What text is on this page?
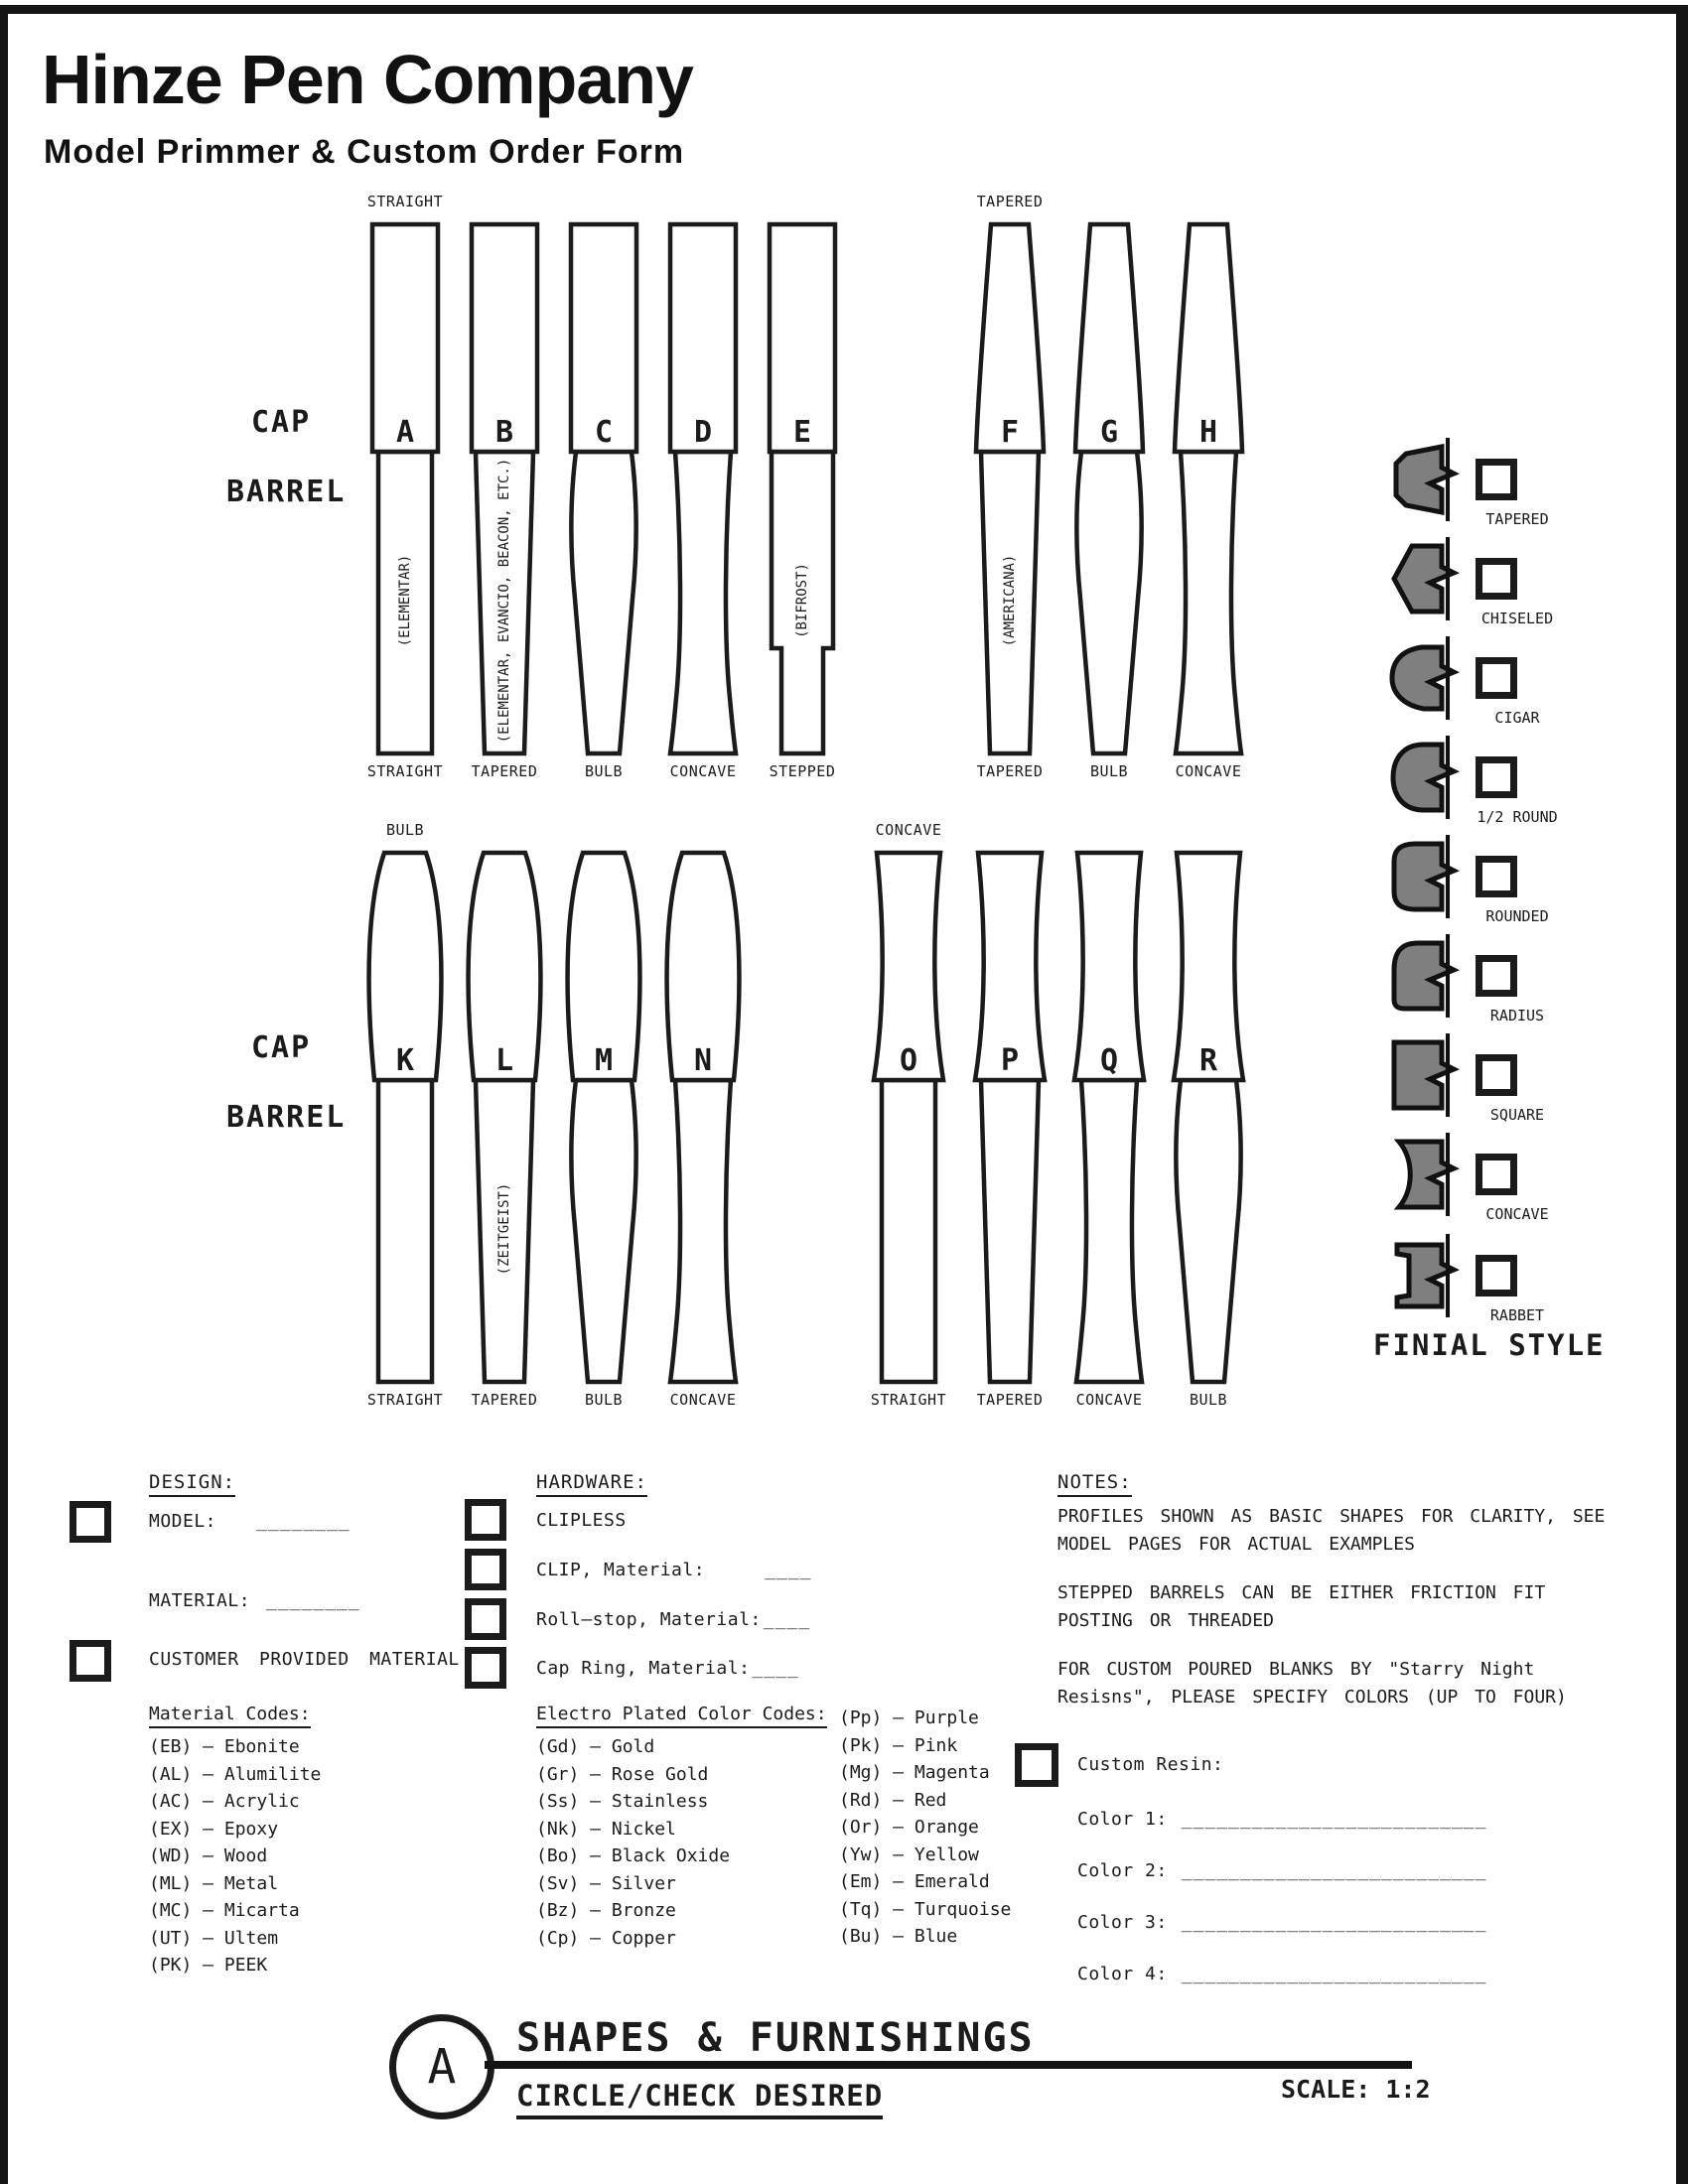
Hinze Pen Company
Model Primmer & Custom Order Form
CAP
BARREL
CAP
BARREL
STRAIGHT
A
(ELEMENTAR)
STRAIGHT
B
(ELEMENTAR, EVANCIO, BEACON, ETC.)
TAPERED
C
BULB
D
CONCAVE
E
(BIFROST)
STEPPED
TAPERED
F
(AMERICANA)
TAPERED
G
BULB
H
CONCAVE
BULB
K
STRAIGHT
L
(ZEITGEIST)
TAPERED
M
BULB
N
CONCAVE
CONCAVE
O
STRAIGHT
P
TAPERED
Q
CONCAVE
R
BULB
TAPERED
CHISELED
CIGAR
1/2 ROUND
ROUNDED
RADIUS
SQUARE
CONCAVE
RABBET
FINIAL STYLE
DESIGN:
MODEL: ________
MATERIAL: ________
CUSTOMER PROVIDED MATERIAL
Material Codes:
(EB) – Ebonite
(AL) – Alumilite
(AC) – Acrylic
(EX) – Epoxy
(WD) – Wood
(ML) – Metal
(MC) – Micarta
(UT) – Ultem
(PK) – PEEK
HARDWARE:
CLIPLESS
CLIP, Material:	____
Roll–stop, Material: ____
Cap Ring, Material: ____
Electro Plated Color Codes:
(Gd) – Gold
(Gr) – Rose Gold
(Ss) – Stainless
(Nk) – Nickel
(Bo) – Black Oxide
(Sv) – Silver
(Bz) – Bronze
(Cp) – Copper
(Pp) – Purple
(Pk) – Pink
(Mg) – Magenta
(Rd) – Red
(Or) – Orange
(Yw) – Yellow
(Em) – Emerald
(Tq) – Turquoise
(Bu) – Blue
NOTES:

PROFILES SHOWN AS BASIC SHAPES FOR CLARITY, SEE MODEL PAGES FOR ACTUAL EXAMPLES

STEPPED BARRELS CAN BE EITHER FRICTION FIT POSTING OR THREADED

FOR CUSTOM POURED BLANKS BY "Starry Night Resisns", PLEASE SPECIFY COLORS (UP TO FOUR)

Custom Resin:
Color 1: __________________________
Color 2: __________________________
Color 3: __________________________
Color 4: __________________________
A
SHAPES & FURNISHINGS
CIRCLE/CHECK DESIRED	SCALE: 1:2
